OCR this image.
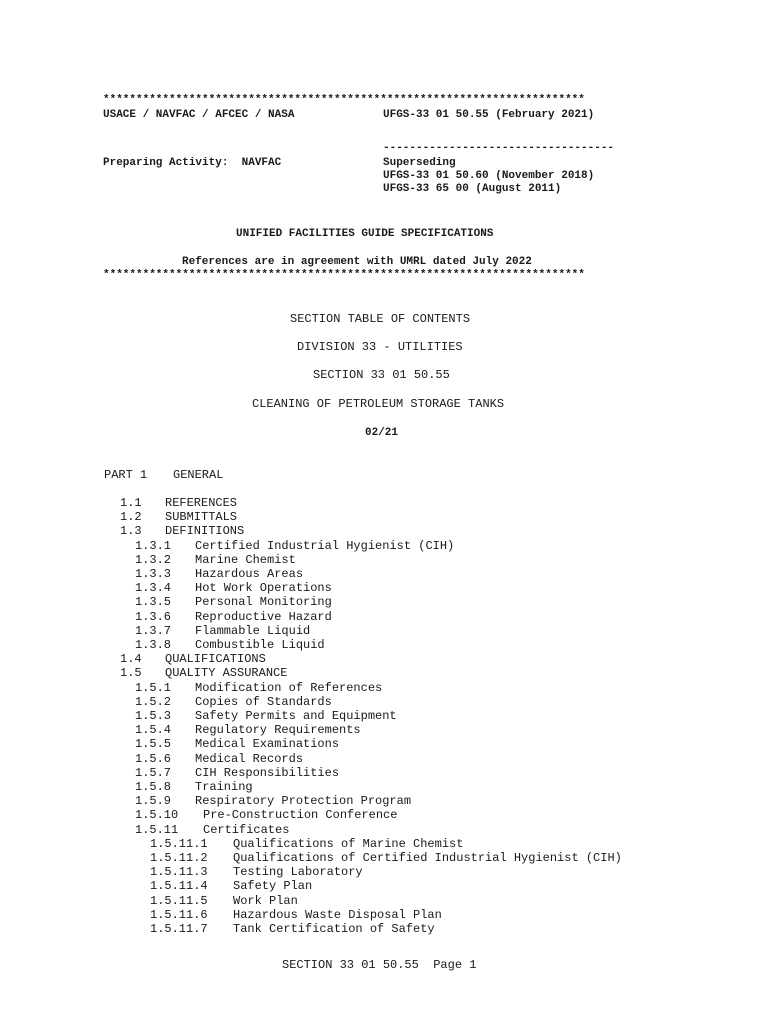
*************************************************************************
USACE / NAVFAC / AFCEC / NASA	UFGS-33 01 50.55 (February 2021)
-----------------------------------
Preparing Activity:  NAVFAC	Superseding
UFGS-33 01 50.60 (November 2018)
UFGS-33 65 00 (August 2011)
UNIFIED FACILITIES GUIDE SPECIFICATIONS
References are in agreement with UMRL dated July 2022
*************************************************************************
SECTION TABLE OF CONTENTS
DIVISION 33 - UTILITIES
SECTION 33 01 50.55
CLEANING OF PETROLEUM STORAGE TANKS
02/21
PART 1 GENERAL
1.1 REFERENCES
1.2 SUBMITTALS
1.3 DEFINITIONS
1.3.1 Certified Industrial Hygienist (CIH)
1.3.2 Marine Chemist
1.3.3 Hazardous Areas
1.3.4 Hot Work Operations
1.3.5 Personal Monitoring
1.3.6 Reproductive Hazard
1.3.7 Flammable Liquid
1.3.8 Combustible Liquid
1.4 QUALIFICATIONS
1.5 QUALITY ASSURANCE
1.5.1 Modification of References
1.5.2 Copies of Standards
1.5.3 Safety Permits and Equipment
1.5.4 Regulatory Requirements
1.5.5 Medical Examinations
1.5.6 Medical Records
1.5.7 CIH Responsibilities
1.5.8 Training
1.5.9 Respiratory Protection Program
1.5.10 Pre-Construction Conference
1.5.11 Certificates
1.5.11.1 Qualifications of Marine Chemist
1.5.11.2 Qualifications of Certified Industrial Hygienist (CIH)
1.5.11.3 Testing Laboratory
1.5.11.4 Safety Plan
1.5.11.5 Work Plan
1.5.11.6 Hazardous Waste Disposal Plan
1.5.11.7 Tank Certification of Safety
SECTION 33 01 50.55  Page 1
